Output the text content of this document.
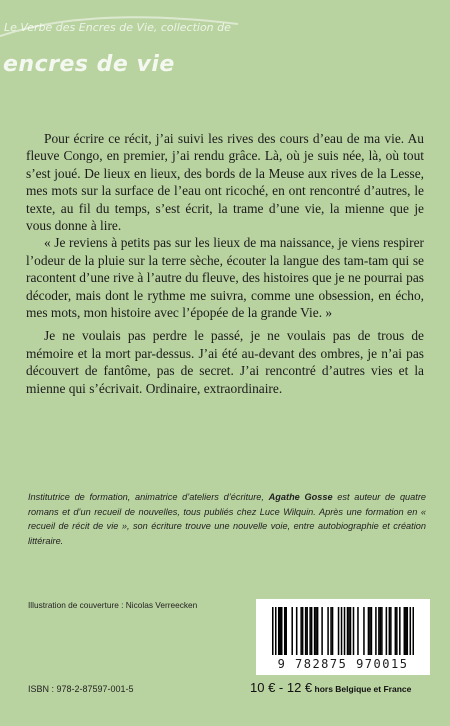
Le Verbe des Encres de Vie, collection de
encres de vie

Pour écrire ce récit, j’ai suivi les rives des cours d’eau de ma vie. Au fleuve Congo, en premier, j’ai rendu grâce. Là, où je suis née, là, où tout s’est joué. De lieux en lieux, des bords de la Meuse aux rives de la Lesse, mes mots sur la surface de l’eau ont ricoché, en ont rencontré d’autres, le texte, au fil du temps, s’est écrit, la trame d’une vie, la mienne que je vous donne à lire.

« Je reviens à petits pas sur les lieux de ma naissance, je viens respirer l’odeur de la pluie sur la terre sèche, écouter la langue des tam-tam qui se racontent d’une rive à l’autre du fleuve, des histoires que je ne pourrai pas décoder, mais dont le rythme me suivra, comme une obsession, en écho, mes mots, mon histoire avec l’épopée de la grande Vie. »

Je ne voulais pas perdre le passé, je ne voulais pas de trous de mémoire et la mort par-dessus. J’ai été au-devant des ombres, je n’ai pas découvert de fantôme, pas de secret. J’ai rencontré d’autres vies et la mienne qui s’écrivait. Ordinaire, extraordinaire.

Institutrice de formation, animatrice d’ateliers d’écriture, Agathe Gosse est auteur de quatre romans et d’un recueil de nouvelles, tous publiés chez Luce Wilquin. Après une formation en « recueil de récit de vie », son écriture trouve une nouvelle voie, entre autobiographie et création littéraire.
Illustration de couverture : Nicolas Verreecken
9 782875 970015
ISBN : 978-2-87597-001-5	10 € - 12 € hors Belgique et France
